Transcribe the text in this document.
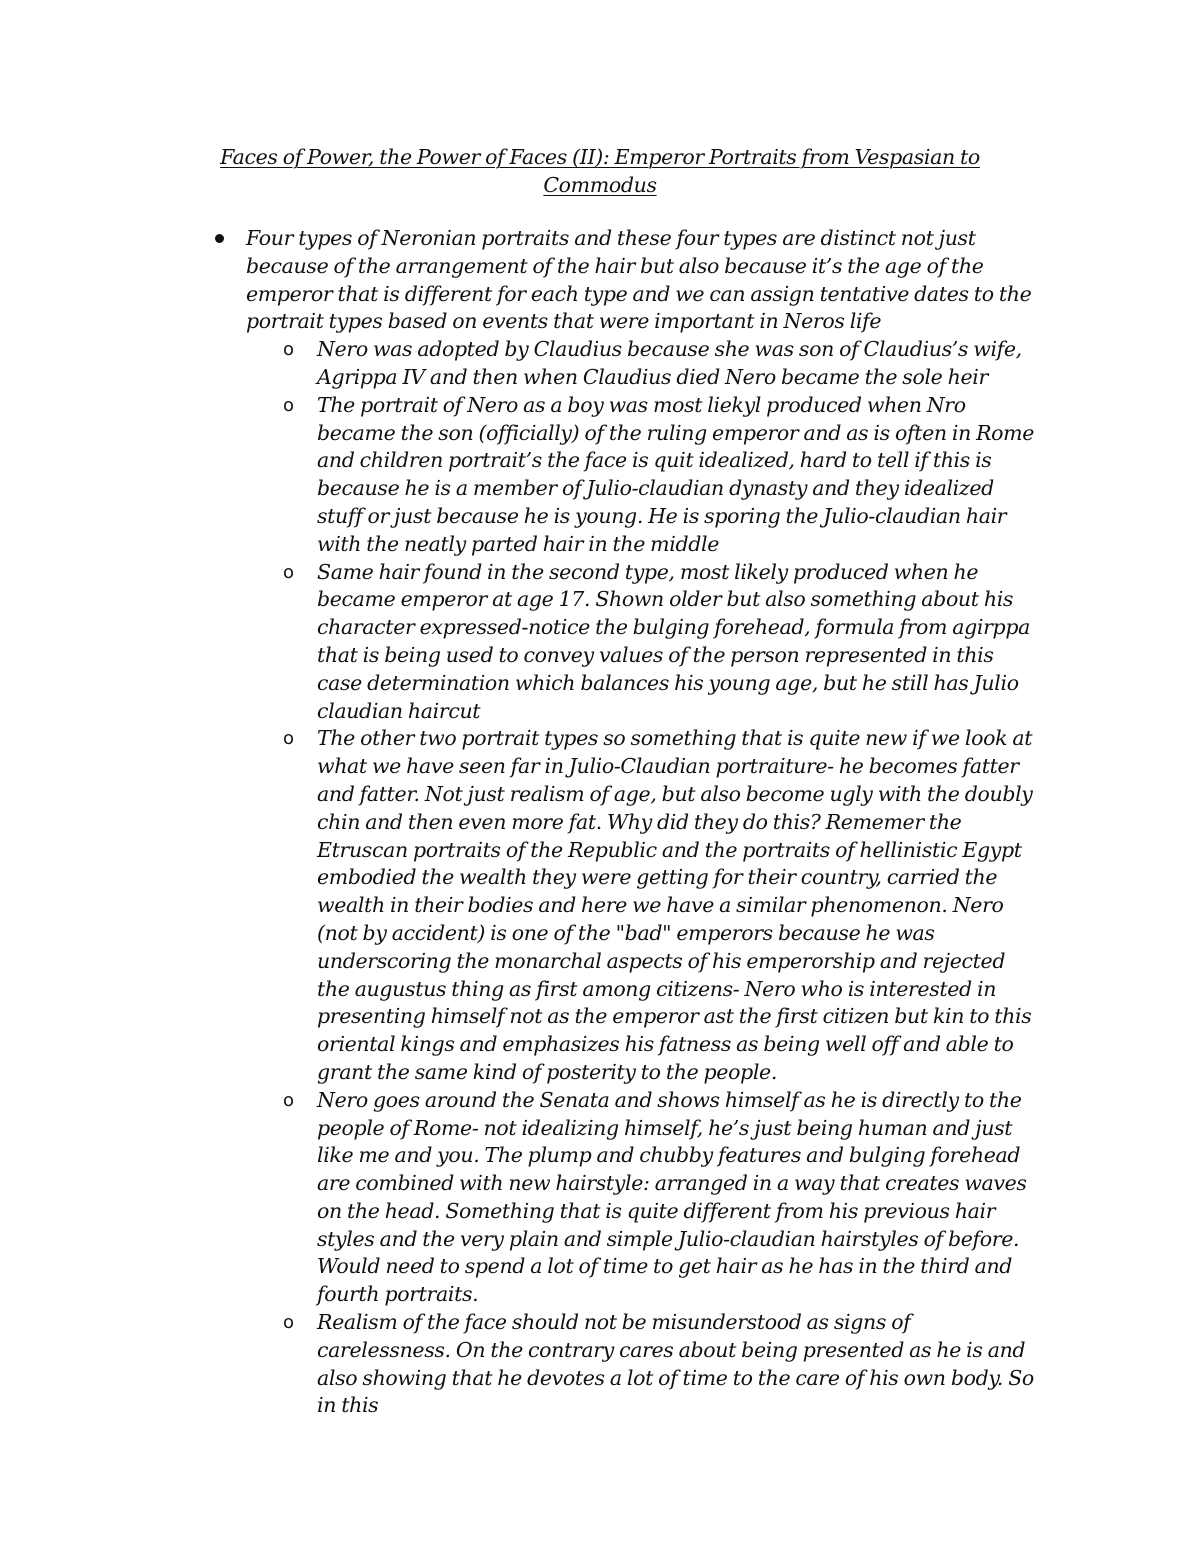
Faces of Power, the Power of Faces (II): Emperor Portraits from Vespasian to
Commodus
Four types of Neronian portraits and these four types are distinct not just because of the arrangement of the hair but also because it’s the age of the emperor that is different for each type and we can assign tentative dates to the portrait types based on events that were important in Neros life
o Nero was adopted by Claudius because she was son of Claudius’s wife, Agrippa IV and then when Claudius died Nero became the sole heir
o The portrait of Nero as a boy was most liekyl produced when Nro became the son (officially) of the ruling emperor and as is often in Rome and children portrait’s the face is quit idealized, hard to tell if this is because he is a member of Julio-claudian dynasty and they idealized stuff or just because he is young. He is sporing the Julio-claudian hair with the neatly parted hair in the middle
o Same hair found in the second type, most likely produced when he became emperor at age 17. Shown older but also something about his character expressed-notice the bulging forehead, formula from agirppa that is being used to convey values of the person represented in this case determination which balances his young age, but he still has Julio claudian haircut
o The other two portrait types so something that is quite new if we look at what we have seen far in Julio-Claudian portraiture- he becomes fatter and fatter. Not just realism of age, but also become ugly with the doubly chin and then even more fat. Why did they do this? Rememer the Etruscan portraits of the Republic and the portraits of hellinistic Egypt embodied the wealth they were getting for their country, carried the wealth in their bodies and here we have a similar phenomenon. Nero (not by accident) is one of the "bad" emperors because he was underscoring the monarchal aspects of his emperorship and rejected the augustus thing as first among citizens- Nero who is interested in presenting himself not as the emperor ast the first citizen but kin to this oriental kings and emphasizes his fatness as being well off and able to grant the same kind of posterity to the people.
o Nero goes around the Senata and shows himself as he is directly to the people of Rome- not idealizing himself, he’s just being human and just like me and you. The plump and chubby features and bulging forehead are combined with new hairstyle: arranged in a way that creates waves on the head. Something that is quite different from his previous hair styles and the very plain and simple Julio-claudian hairstyles of before. Would need to spend a lot of time to get hair as he has in the third and fourth portraits.
o Realism of the face should not be misunderstood as signs of carelessness. On the contrary cares about being presented as he is and also showing that he devotes a lot of time to the care of his own body. So in this
